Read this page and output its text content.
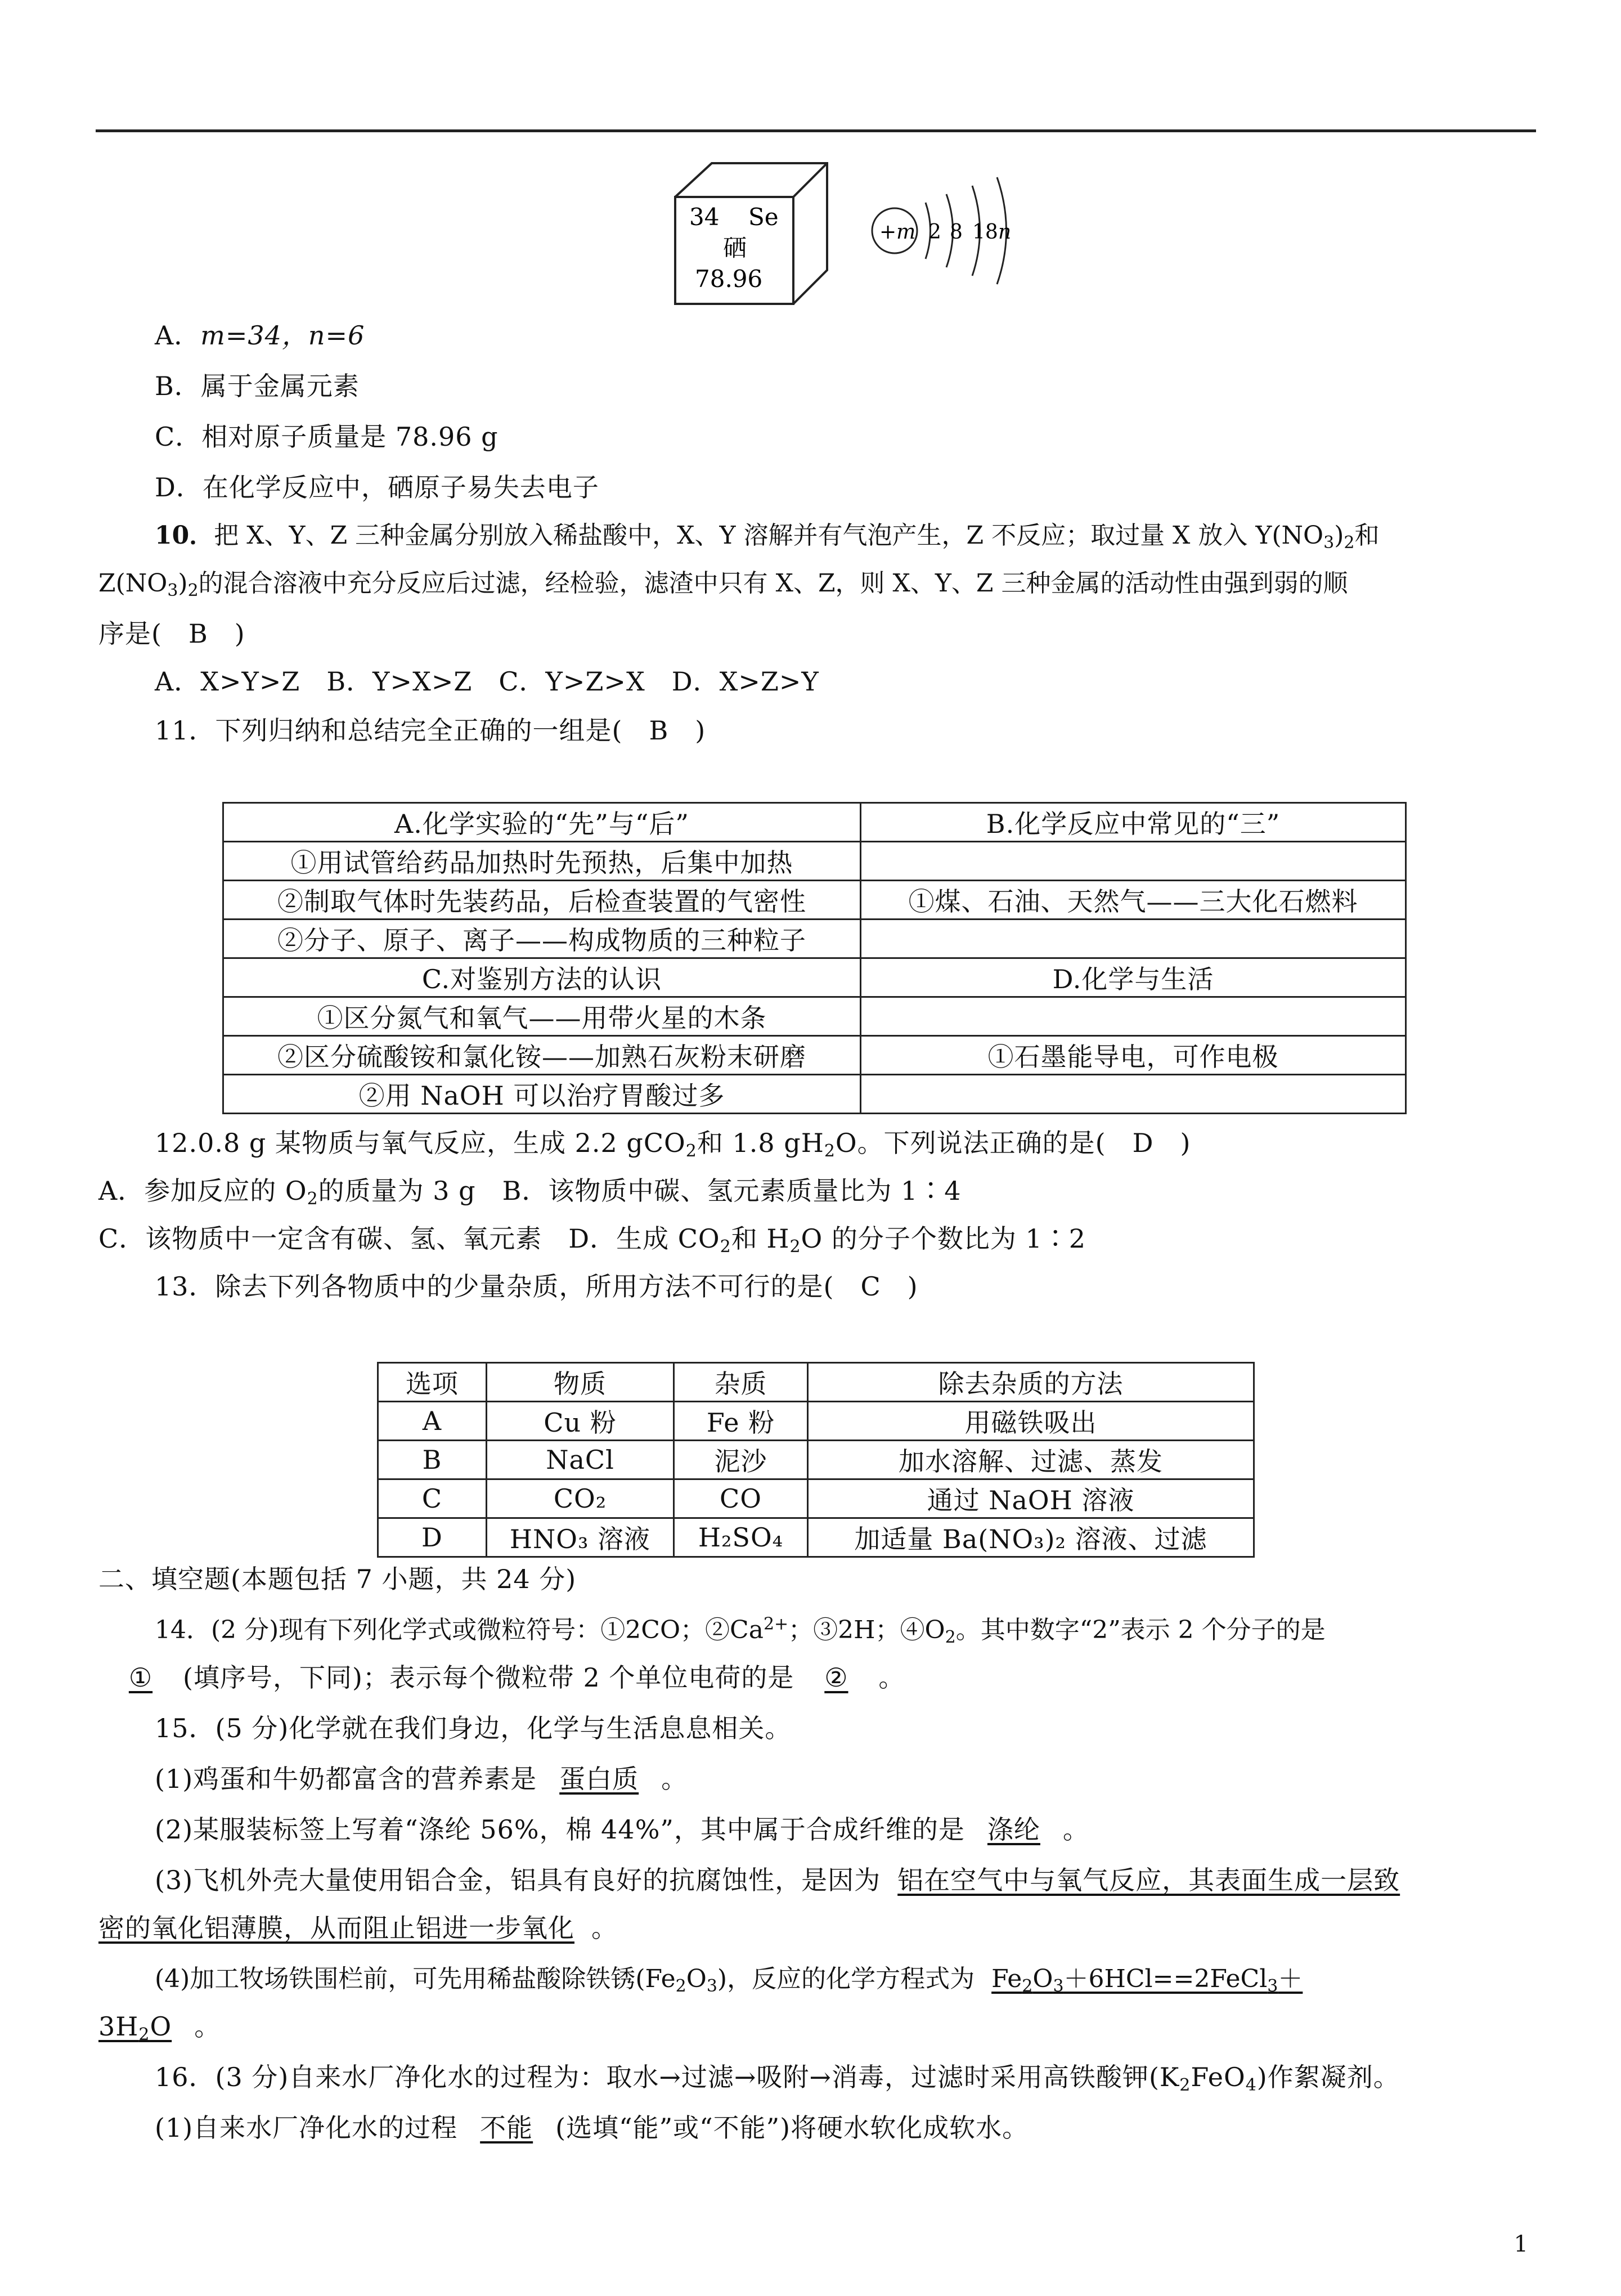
34 Se
硒
78.96
+m 2 8 18 n
A．m=34，n=6
B．属于金属元素
C．相对原子质量是 78.96 g
D．在化学反应中，硒原子易失去电子
10．把 X、Y、Z 三种金属分别放入稀盐酸中，X、Y 溶解并有气泡产生，Z 不反应；取过量 X 放入 $Y(NO_3)_2$和
$Z(NO_3)_2$的混合溶液中充分反应后过滤，经检验，滤渣中只有 X、Z，则 X、Y、Z 三种金属的活动性由强到弱的顺
序是(　B　)
A．X>Y>Z　B．Y>X>Z　C．Y>Z>X　D．X>Z>Y
11．下列归纳和总结完全正确的一组是(　B　)
A.化学实验的“先”与“后”	B.化学反应中常见的“三”
①用试管给药品加热时先预热，后集中加热	
②制取气体时先装药品，后检查装置的气密性	①煤、石油、天然气——三大化石燃料
②分子、原子、离子——构成物质的三种粒子	
C.对鉴别方法的认识	D.化学与生活
①区分氮气和氧气——用带火星的木条	
②区分硫酸铵和氯化铵——加熟石灰粉末研磨	①石墨能导电，可作电极
②用 NaOH 可以治疗胃酸过多	
12.0.8 g 某物质与氧气反应，生成 2.2 gCO$_2$和 1.8 $gH_2O$。下列说法正确的是(　D　)
A．参加反应的 $O_2$的质量为 3 g　B．该物质中碳、氢元素质量比为 1∶4
C．该物质中一定含有碳、氢、氧元素　D．生成 $CO_2$和 $H_2O$ 的分子个数比为 1∶2
13．除去下列各物质中的少量杂质，所用方法不可行的是(　C　)
选项	物质	杂质	除去杂质的方法
A	Cu 粉	Fe 粉	用磁铁吸出
B	NaCl	泥沙	加水溶解、过滤、蒸发
C	CO₂	CO	通过 NaOH 溶液
D	HNO₃ 溶液	H₂SO₄	加适量 Ba(NO₃)₂ 溶液、过滤
二、填空题(本题包括 7 小题，共 24 分)
14．(2 分)现有下列化学式或微粒符号：①2CO；$②Ca^{2+}$；③2H；$④O_2$。其中数字“2”表示 2 个分子的是
① (填序号，下同)；表示每个微粒带 2 个单位电荷的是 ② 。
15．(5 分)化学就在我们身边，化学与生活息息相关。
(1)鸡蛋和牛奶都富含的营养素是 蛋白质 。
(2)某服装标签上写着“涤纶 56%，棉 44%”，其中属于合成纤维的是 涤纶 。
(3)飞机外壳大量使用铝合金，铝具有良好的抗腐蚀性，是因为 铝在空气中与氧气反应，其表面生成一层致
密的氧化铝薄膜，从而阻止铝进一步氧化 。
(4)加工牧场铁围栏前，可先用稀盐酸除铁锈$(Fe_2O_3)$，反应的化学方程式为 $Fe_2O_3+6HCl==2FeCl_3+$
$3H_2O$ 。
16．(3 分)自来水厂净化水的过程为：取水→过滤→吸附→消毒，过滤时采用高铁酸钾$(K_2FeO_4)$作絮凝剂。
(1)自来水厂净化水的过程 不能 (选填“能”或“不能”)将硬水软化成软水。
1
